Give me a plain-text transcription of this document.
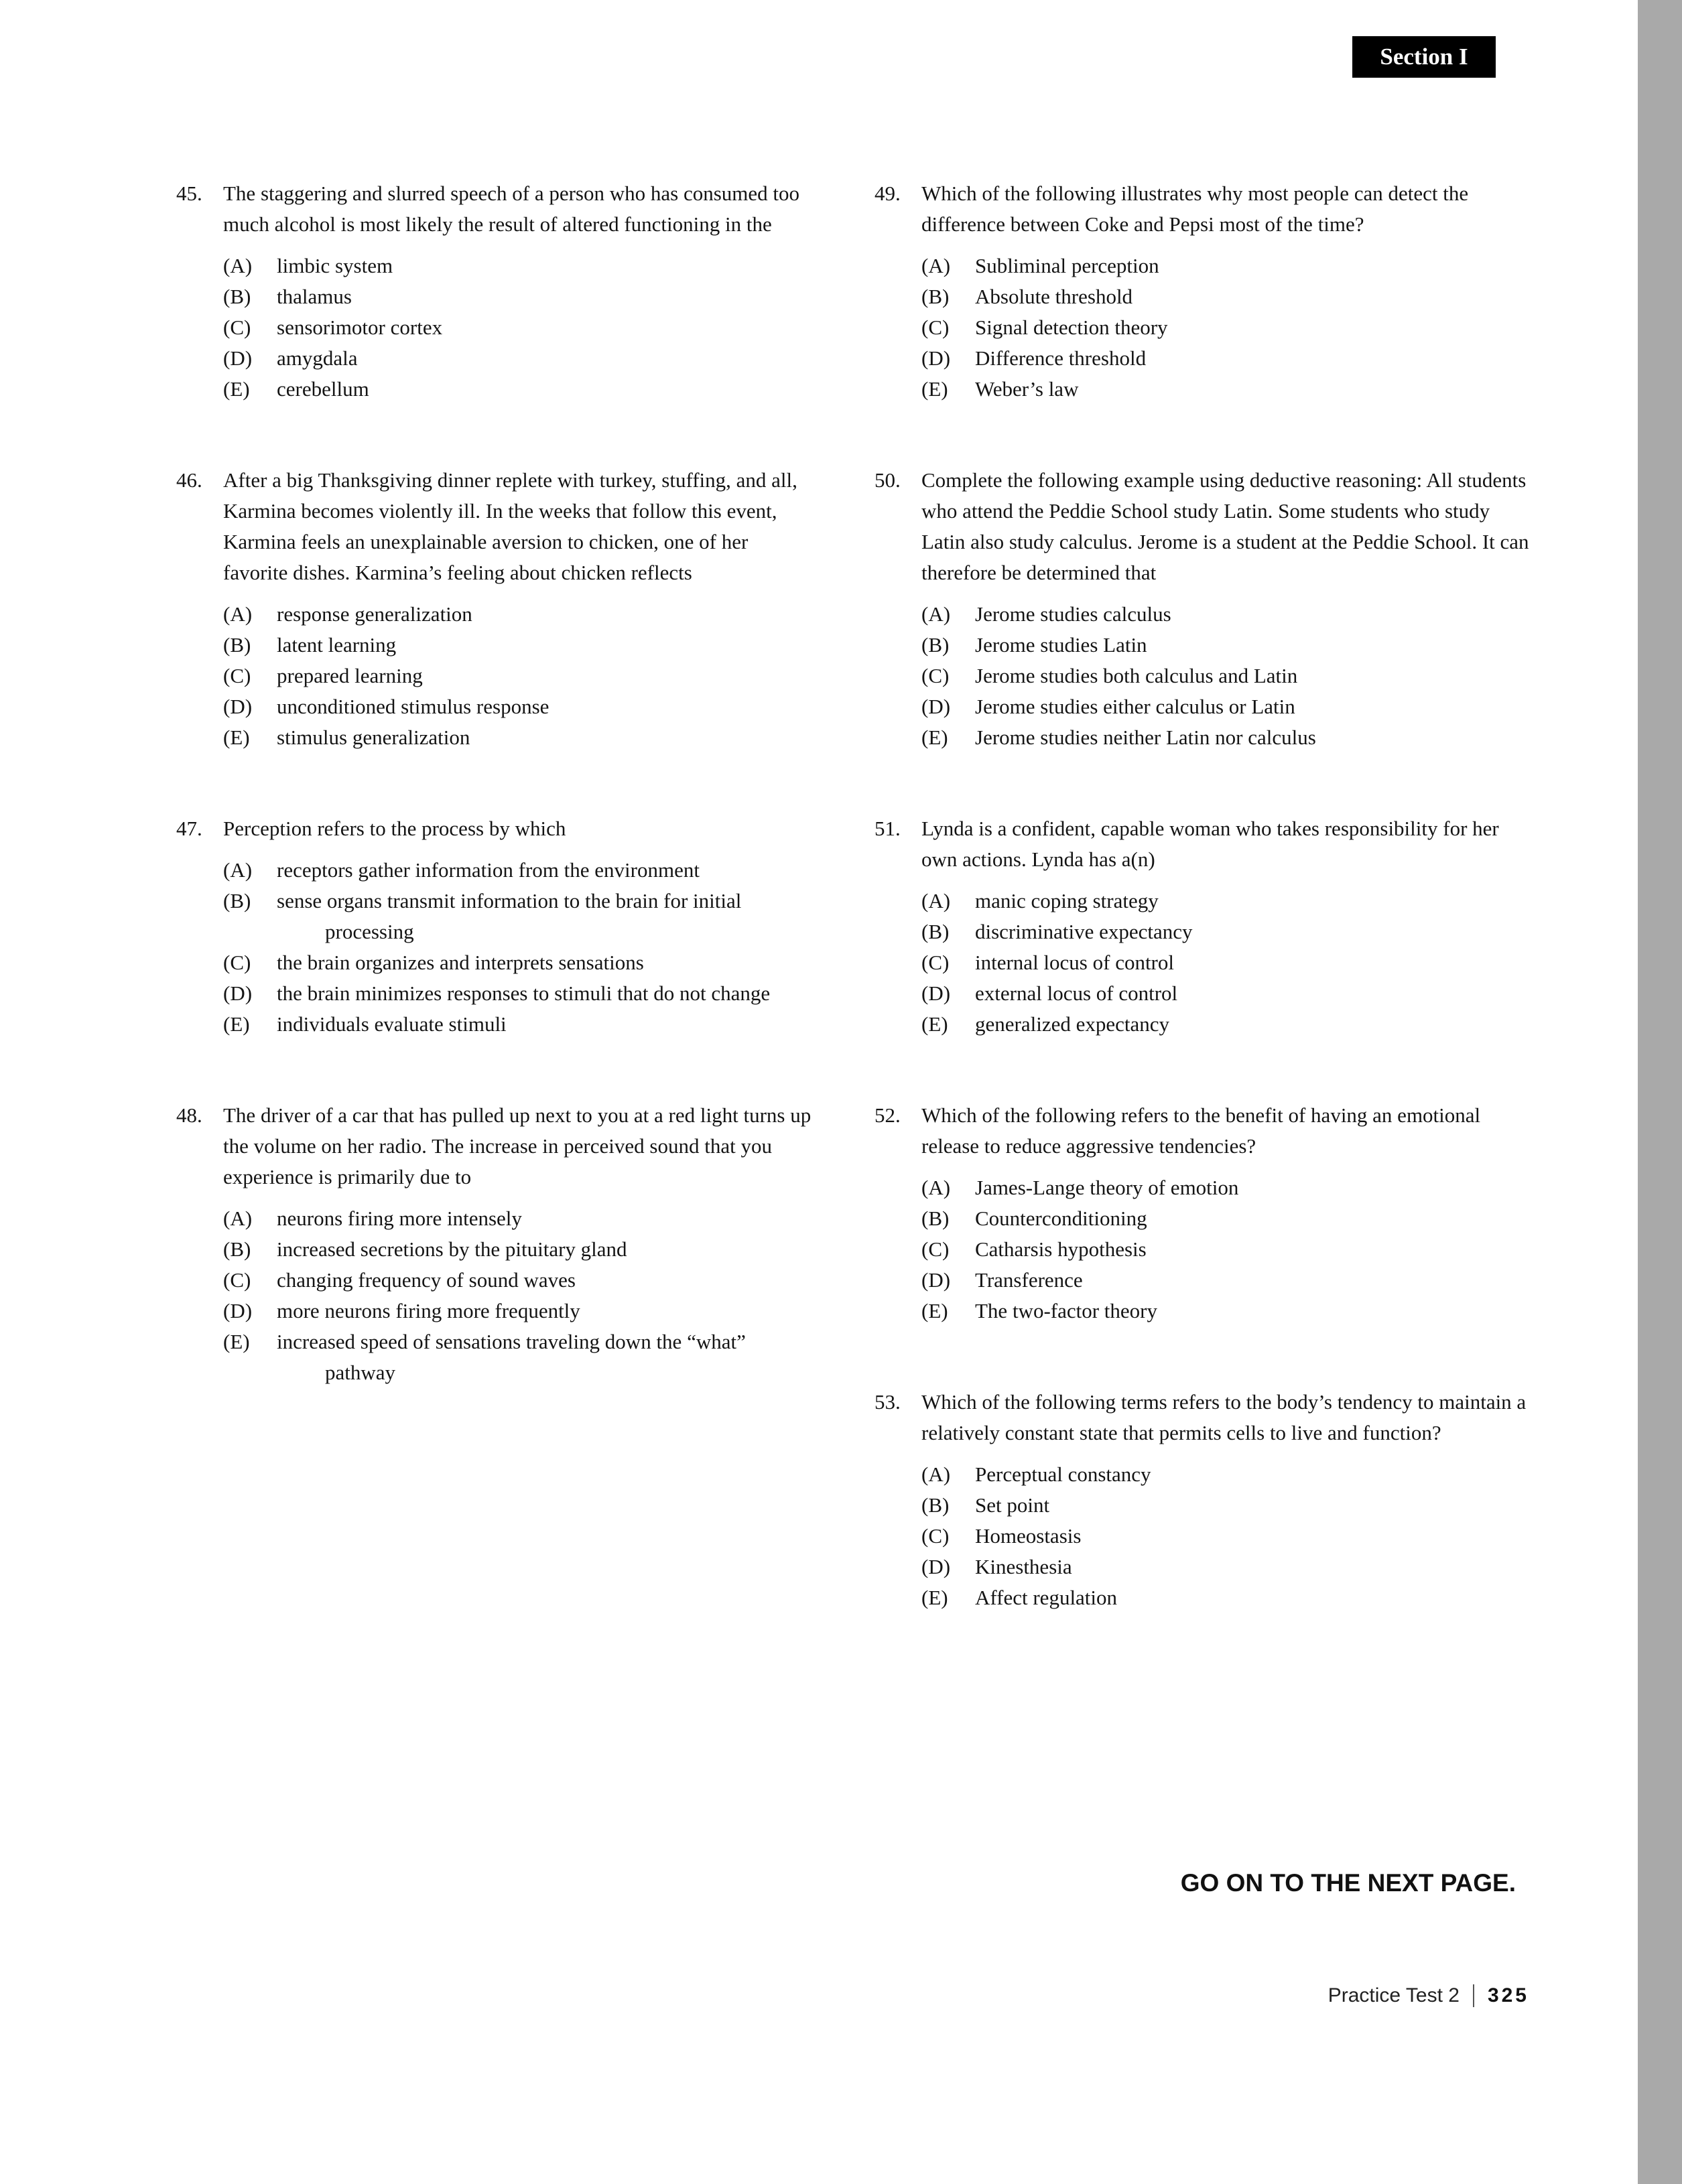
Section I
45.	The staggering and slurred speech of a person who has consumed too much alcohol is most likely the result of altered functioning in the
(A)	limbic system
(B)	thalamus
(C)	sensorimotor cortex
(D)	amygdala
(E)	cerebellum
46.	After a big Thanksgiving dinner replete with turkey, stuffing, and all, Karmina becomes violently ill. In the weeks that follow this event, Karmina feels an unexplainable aversion to chicken, one of her favorite dishes. Karmina’s feeling about chicken reflects
(A)	response generalization
(B)	latent learning
(C)	prepared learning
(D)	unconditioned stimulus response
(E)	stimulus generalization
47.	Perception refers to the process by which
(A)	receptors gather information from the environment
(B)	sense organs transmit information to the brain for initial processing
(C)	the brain organizes and interprets sensations
(D)	the brain minimizes responses to stimuli that do not change
(E)	individuals evaluate stimuli
48.	The driver of a car that has pulled up next to you at a red light turns up the volume on her radio. The increase in perceived sound that you experience is primarily due to
(A)	neurons firing more intensely
(B)	increased secretions by the pituitary gland
(C)	changing frequency of sound waves
(D)	more neurons firing more frequently
(E)	increased speed of sensations traveling down the “what” pathway
49.	Which of the following illustrates why most people can detect the difference between Coke and Pepsi most of the time?
(A)	Subliminal perception
(B)	Absolute threshold
(C)	Signal detection theory
(D)	Difference threshold
(E)	Weber’s law
50.	Complete the following example using deductive reasoning: All students who attend the Peddie School study Latin. Some students who study Latin also study calculus. Jerome is a student at the Peddie School. It can therefore be determined that
(A)	Jerome studies calculus
(B)	Jerome studies Latin
(C)	Jerome studies both calculus and Latin
(D)	Jerome studies either calculus or Latin
(E)	Jerome studies neither Latin nor calculus
51.	Lynda is a confident, capable woman who takes responsibility for her own actions. Lynda has a(n)
(A)	manic coping strategy
(B)	discriminative expectancy
(C)	internal locus of control
(D)	external locus of control
(E)	generalized expectancy
52.	Which of the following refers to the benefit of having an emotional release to reduce aggressive tendencies?
(A)	James-Lange theory of emotion
(B)	Counterconditioning
(C)	Catharsis hypothesis
(D)	Transference
(E)	The two-factor theory
53.	Which of the following terms refers to the body’s tendency to maintain a relatively constant state that permits cells to live and function?
(A)	Perceptual constancy
(B)	Set point
(C)	Homeostasis
(D)	Kinesthesia
(E)	Affect regulation
GO ON TO THE NEXT PAGE.
Practice Test 2 325
